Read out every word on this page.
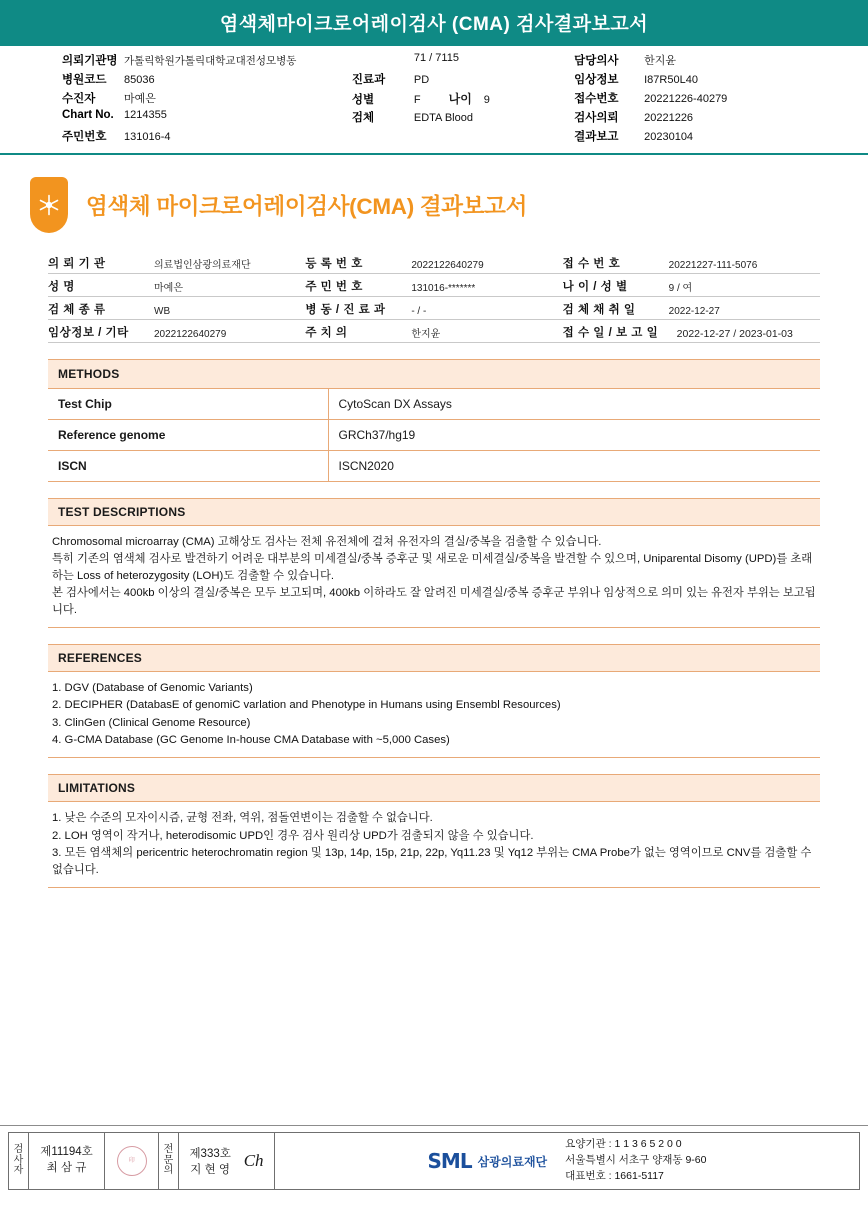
염색체마이크로어레이검사 (CMA) 검사결과보고서
의뢰기관명 가톨릭학원가톨릭대학교대전성모병동
병원코드	85036
수진자	마예은
Chart No. 1214355
주민번호	131016-4
71 / 7115
진료과	PD
성별	F 나이 9
검체	EDTA Blood
담당의사	한지윤
임상정보	I87R50L40
접수번호	20221226-40279
검사의뢰	20221226
결과보고	20230104
염색체 마이크로어레이검사(CMA) 결과보고서
의 뢰 기 관	의료법인삼광의료재단	등 록 번 호	2022122640279	접 수 번 호	20221227-111-5076
성 명	마예은	주 민 번 호	131016-*******	나 이 / 성 별	9 / 여
검 체 종 류	WB	병 동 / 진 료 과	- / -	검 체 채 취 일	2022-12-27
임상정보 / 기타	2022122640279	주 치 의	한지윤	접 수 일 / 보 고 일	2022-12-27 / 2023-01-03
METHODS
Test Chip	CytoScan DX Assays
Reference genome	GRCh37/hg19
ISCN	ISCN2020
TEST DESCRIPTIONS

Chromosomal microarray (CMA) 고해상도 검사는 전체 유전체에 걸쳐 유전자의 결실/중복을 검출할 수 있습니다.

특히 기존의 염색체 검사로 발견하기 어려운 대부분의 미세결실/중복 증후군 및 새로운 미세결실/중복을 발견할 수 있으며, Uniparental Disomy (UPD)를 초래하는 Loss of heterozygosity (LOH)도 검출할 수 있습니다.

본 검사에서는 400kb 이상의 결실/중복은 모두 보고되며, 400kb 이하라도 잘 알려진 미세결실/중복 증후군 부위나 임상적으로 의미 있는 유전자 부위는 보고됩니다.

REFERENCES

1. DGV (Database of Genomic Variants)

2. DECIPHER (DatabasE of genomiC varlation and Phenotype in Humans using Ensembl Resources)

3. ClinGen (Clinical Genome Resource)

4. G-CMA Database (GC Genome In-house CMA Database with ~5,000 Cases)

LIMITATIONS

1. 낮은 수준의 모자이시즘, 균형 전좌, 역위, 점돌연변이는 검출할 수 없습니다.

2. LOH 영역이 작거나, heterodisomic UPD인 경우 검사 원리상 UPD가 검출되지 않을 수 있습니다.

3. 모든 염색체의 pericentric heterochromatin region 및 13p, 14p, 15p, 21p, 22p, Yq11.23 및 Yq12 부위는 CMA Probe가 없는 영역이므로 CNV를 검출할 수 없습니다.

검사자
제11194호
최 삼 규
印
전문의
제333호
지 현 영 Ch	SML 삼광의료재단
요양기관 : 1 1 3 6 5 2 0 0
서울특별시 서초구 양재동 9-60
대표번호 : 1661-5117
